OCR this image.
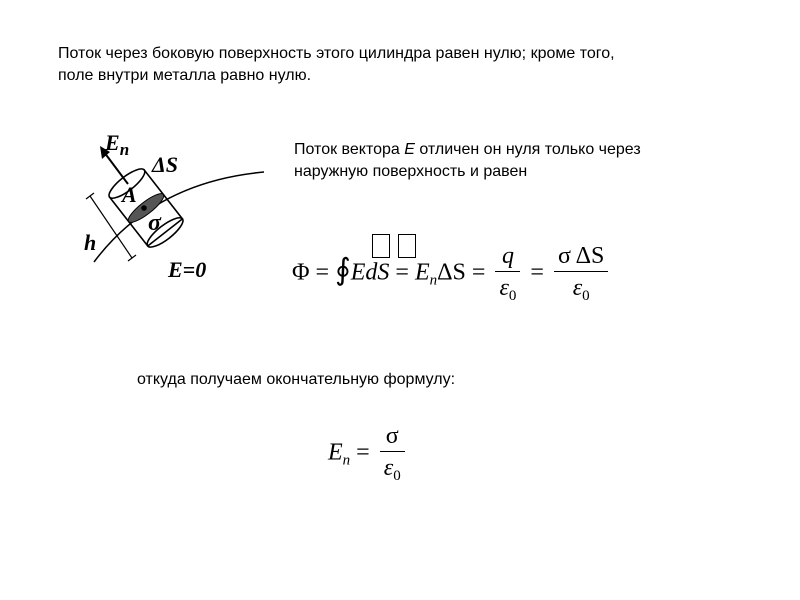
Поток через боковую поверхность этого цилиндра равен нулю; кроме того,
поле внутри металла равно нулю.
$E_n$
ΔS
A
σ
h
E=0
Поток вектора E отличен он нуля только через
наружную поверхность и равен
Φ = ∮EdS = $E_n\Delta S = \frac{q}{\varepsilon_0} = \frac{\text{σ ΔS}}{\varepsilon_0}$
откуда получаем окончательную формулу:
$E_n = \frac{\sigma}{\varepsilon_0}$
